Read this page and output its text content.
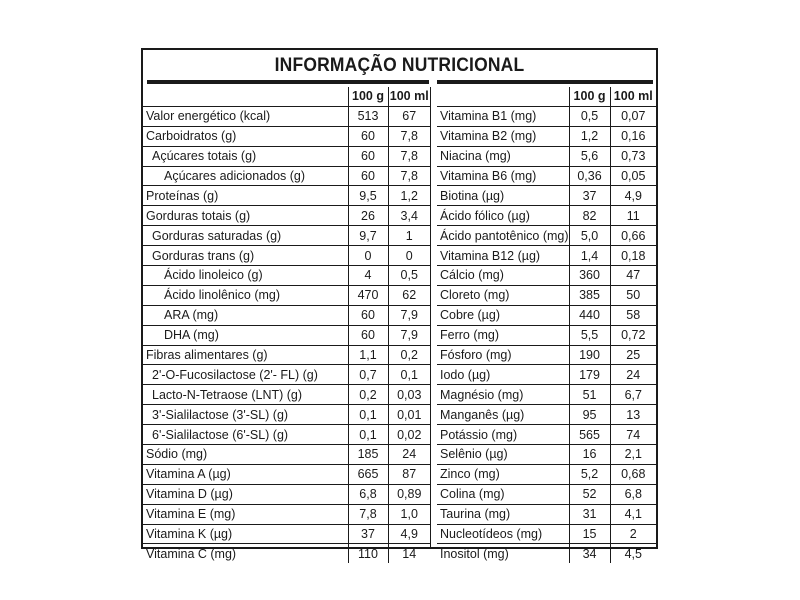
INFORMAÇÃO NUTRICIONAL
	100 g	100 ml
Valor energético (kcal)	513	67
Carboidratos (g)	60	7,8
Açúcares totais (g)	60	7,8
Açúcares adicionados (g)	60	7,8
Proteínas (g)	9,5	1,2
Gorduras totais (g)	26	3,4
Gorduras saturadas (g)	9,7	1
Gorduras trans (g)	0	0
Ácido linoleico (g)	4	0,5
Ácido linolênico (mg)	470	62
ARA (mg)	60	7,9
DHA (mg)	60	7,9
Fibras alimentares (g)	1,1	0,2
2'-O-Fucosilactose (2'- FL) (g)	0,7	0,1
Lacto-N-Tetraose (LNT) (g)	0,2	0,03
3'-Sialilactose (3'-SL) (g)	0,1	0,01
6'-Sialilactose (6'-SL) (g)	0,1	0,02
Sódio (mg)	185	24
Vitamina A (µg)	665	87
Vitamina D (µg)	6,8	0,89
Vitamina E (mg)	7,8	1,0
Vitamina K (µg)	37	4,9
Vitamina C (mg)	110	14
	100 g	100 ml
Vitamina B1 (mg)	0,5	0,07
Vitamina B2 (mg)	1,2	0,16
Niacina (mg)	5,6	0,73
Vitamina B6 (mg)	0,36	0,05
Biotina (µg)	37	4,9
Ácido fólico (µg)	82	11
Ácido pantotênico (mg)	5,0	0,66
Vitamina B12 (µg)	1,4	0,18
Cálcio (mg)	360	47
Cloreto (mg)	385	50
Cobre (µg)	440	58
Ferro (mg)	5,5	0,72
Fósforo (mg)	190	25
Iodo (µg)	179	24
Magnésio (mg)	51	6,7
Manganês (µg)	95	13
Potássio (mg)	565	74
Selênio (µg)	16	2,1
Zinco (mg)	5,2	0,68
Colina (mg)	52	6,8
Taurina (mg)	31	4,1
Nucleotídeos (mg)	15	2
Inositol (mg)	34	4,5
